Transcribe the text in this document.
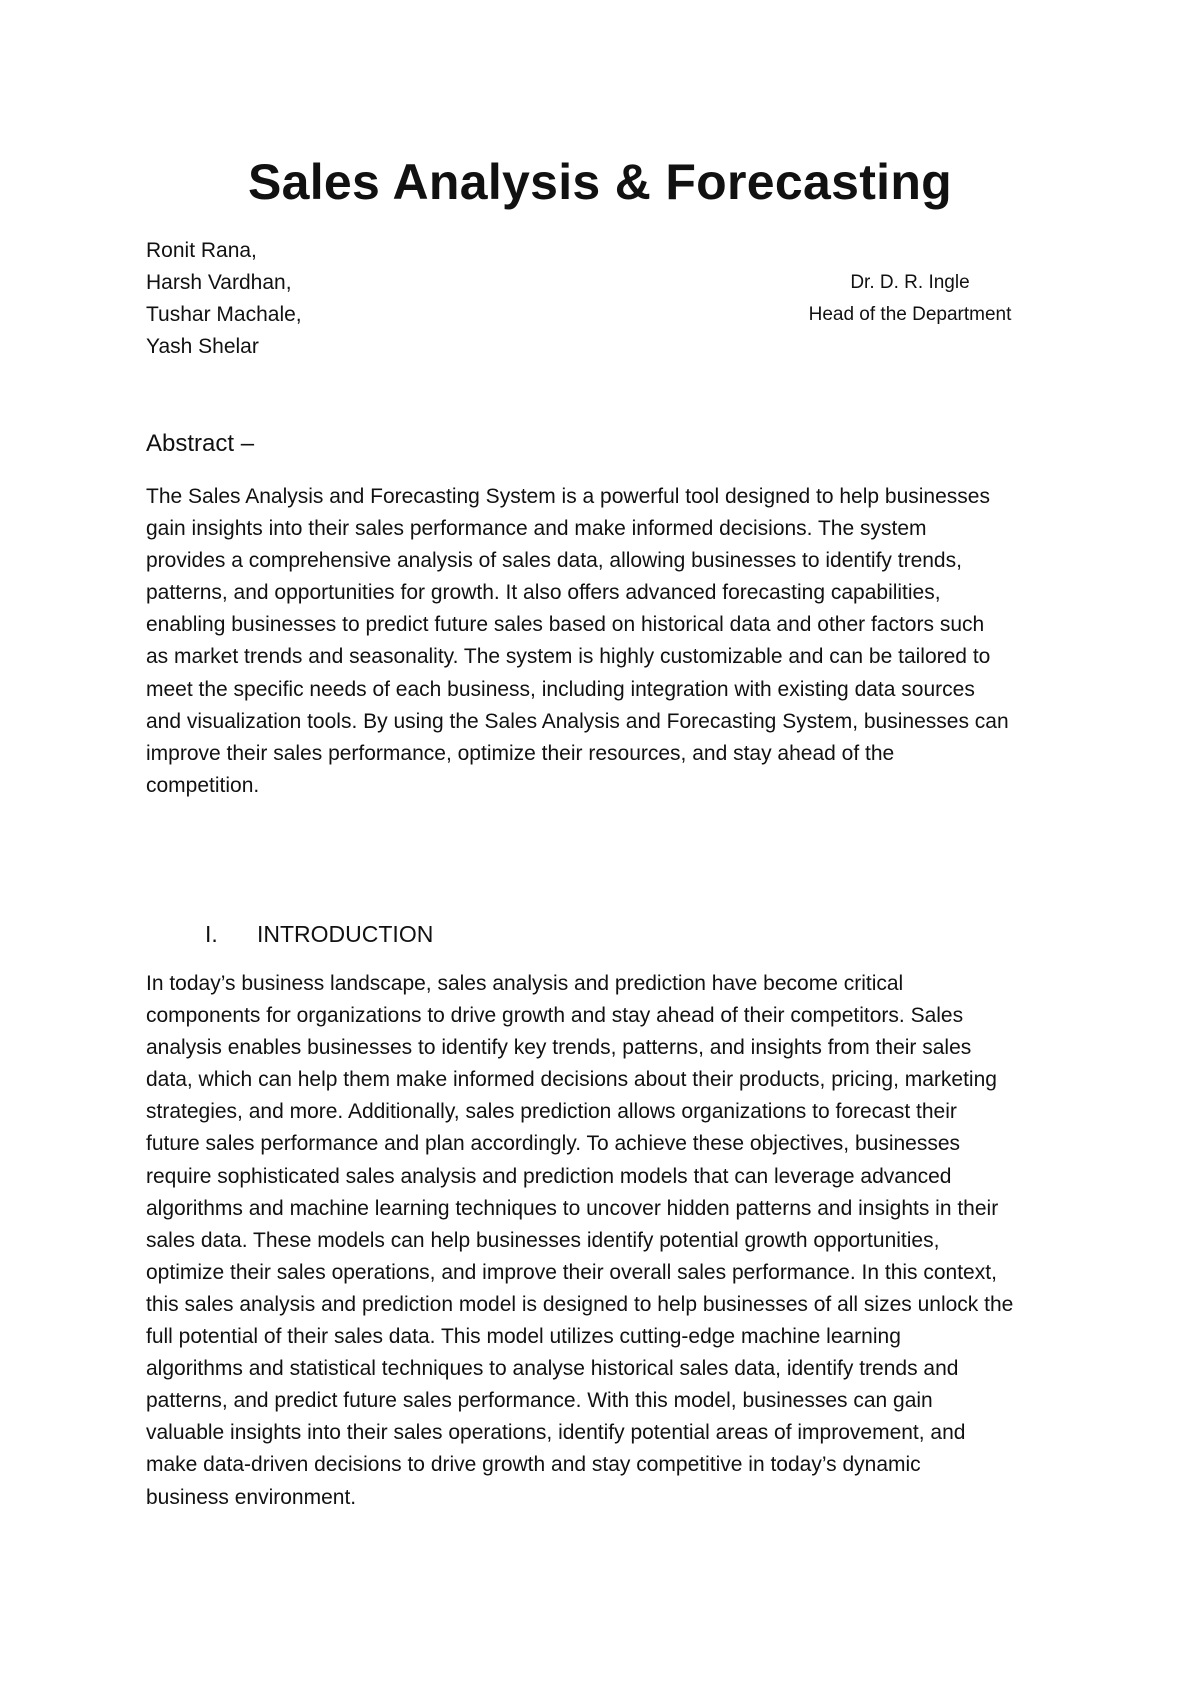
Sales Analysis & Forecasting
Ronit Rana,
Harsh Vardhan,
Tushar Machale,
Yash Shelar
Dr. D. R. Ingle
Head of the Department
Abstract –

The Sales Analysis and Forecasting System is a powerful tool designed to help businesses
gain insights into their sales performance and make informed decisions. The system
provides a comprehensive analysis of sales data, allowing businesses to identify trends,
patterns, and opportunities for growth. It also offers advanced forecasting capabilities,
enabling businesses to predict future sales based on historical data and other factors such
as market trends and seasonality. The system is highly customizable and can be tailored to
meet the specific needs of each business, including integration with existing data sources
and visualization tools. By using the Sales Analysis and Forecasting System, businesses can
improve their sales performance, optimize their resources, and stay ahead of the
competition.

I. INTRODUCTION

In today’s business landscape, sales analysis and prediction have become critical
components for organizations to drive growth and stay ahead of their competitors. Sales
analysis enables businesses to identify key trends, patterns, and insights from their sales
data, which can help them make informed decisions about their products, pricing, marketing
strategies, and more. Additionally, sales prediction allows organizations to forecast their
future sales performance and plan accordingly. To achieve these objectives, businesses
require sophisticated sales analysis and prediction models that can leverage advanced
algorithms and machine learning techniques to uncover hidden patterns and insights in their
sales data. These models can help businesses identify potential growth opportunities,
optimize their sales operations, and improve their overall sales performance. In this context,
this sales analysis and prediction model is designed to help businesses of all sizes unlock the
full potential of their sales data. This model utilizes cutting-edge machine learning
algorithms and statistical techniques to analyse historical sales data, identify trends and
patterns, and predict future sales performance. With this model, businesses can gain
valuable insights into their sales operations, identify potential areas of improvement, and
make data-driven decisions to drive growth and stay competitive in today’s dynamic
business environment.
